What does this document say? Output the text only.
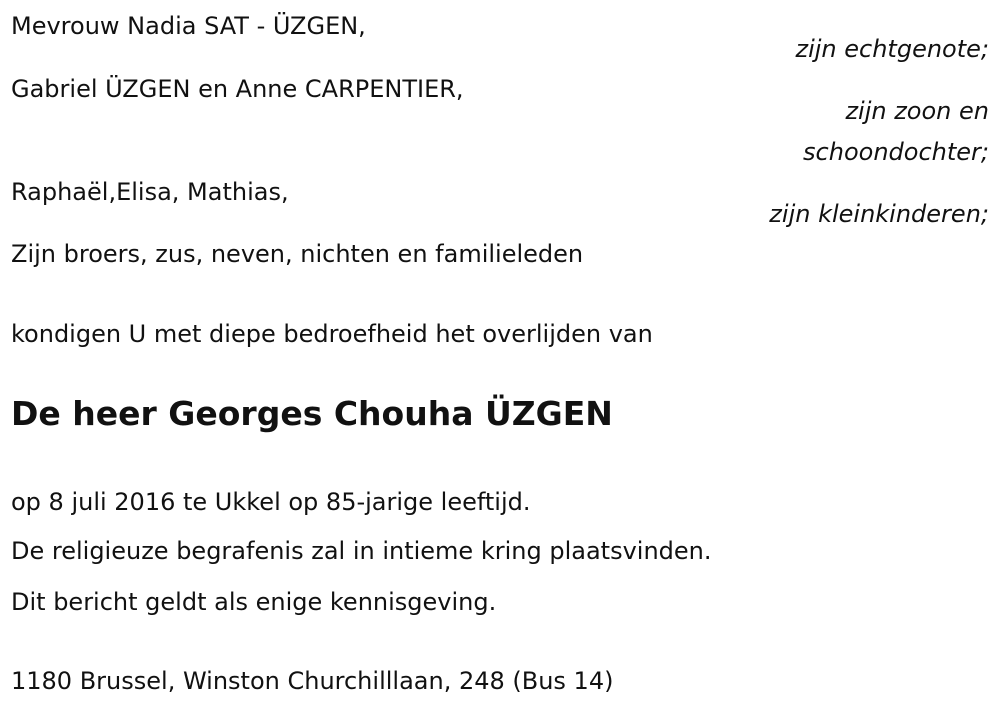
Mevrouw Nadia SAT - ÜZGEN,
zijn echtgenote;
Gabriel ÜZGEN en Anne CARPENTIER,
zijn zoon en
schoondochter;
Raphaël,Elisa, Mathias,
zijn kleinkinderen;
Zijn broers, zus, neven, nichten en familieleden
kondigen U met diepe bedroefheid het overlijden van
De heer Georges Chouha ÜZGEN
op 8 juli 2016 te Ukkel op 85-jarige leeftijd.
De religieuze begrafenis zal in intieme kring plaatsvinden.
Dit bericht geldt als enige kennisgeving.
1180 Brussel, Winston Churchilllaan, 248 (Bus 14)
